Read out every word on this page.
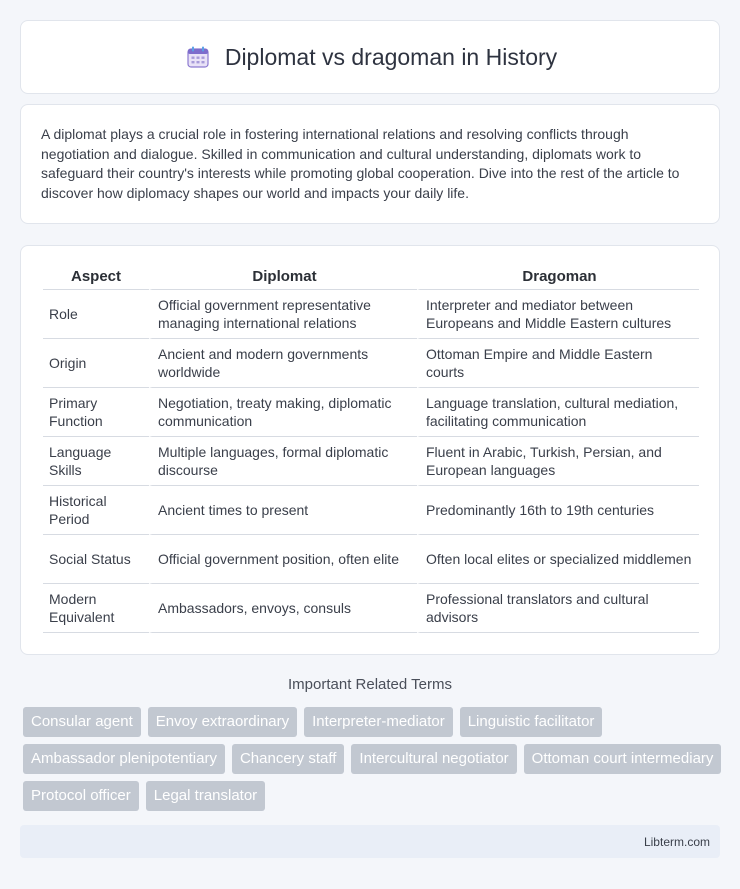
Diplomat vs dragoman in History

A diplomat plays a crucial role in fostering international relations and resolving conflicts through negotiation and dialogue. Skilled in communication and cultural understanding, diplomats work to safeguard their country's interests while promoting global cooperation. Dive into the rest of the article to discover how diplomacy shapes our world and impacts your daily life.

Aspect	Diplomat	Dragoman
Role	Official government representative managing international relations	Interpreter and mediator between Europeans and Middle Eastern cultures
Origin	Ancient and modern governments worldwide	Ottoman Empire and Middle Eastern courts
Primary Function	Negotiation, treaty making, diplomatic communication	Language translation, cultural mediation, facilitating communication
Language Skills	Multiple languages, formal diplomatic discourse	Fluent in Arabic, Turkish, Persian, and European languages
Historical Period	Ancient times to present	Predominantly 16th to 19th centuries
Social Status	Official government position, often elite	Often local elites or specialized middlemen
Modern Equivalent	Ambassadors, envoys, consuls	Professional translators and cultural advisors
Important Related Terms
Consular agent	Envoy extraordinary	Interpreter-mediator	Linguistic facilitator
Ambassador plenipotentiary	Chancery staff	Intercultural negotiator	Ottoman court intermediary
Protocol officer	Legal translator
Libterm.com
